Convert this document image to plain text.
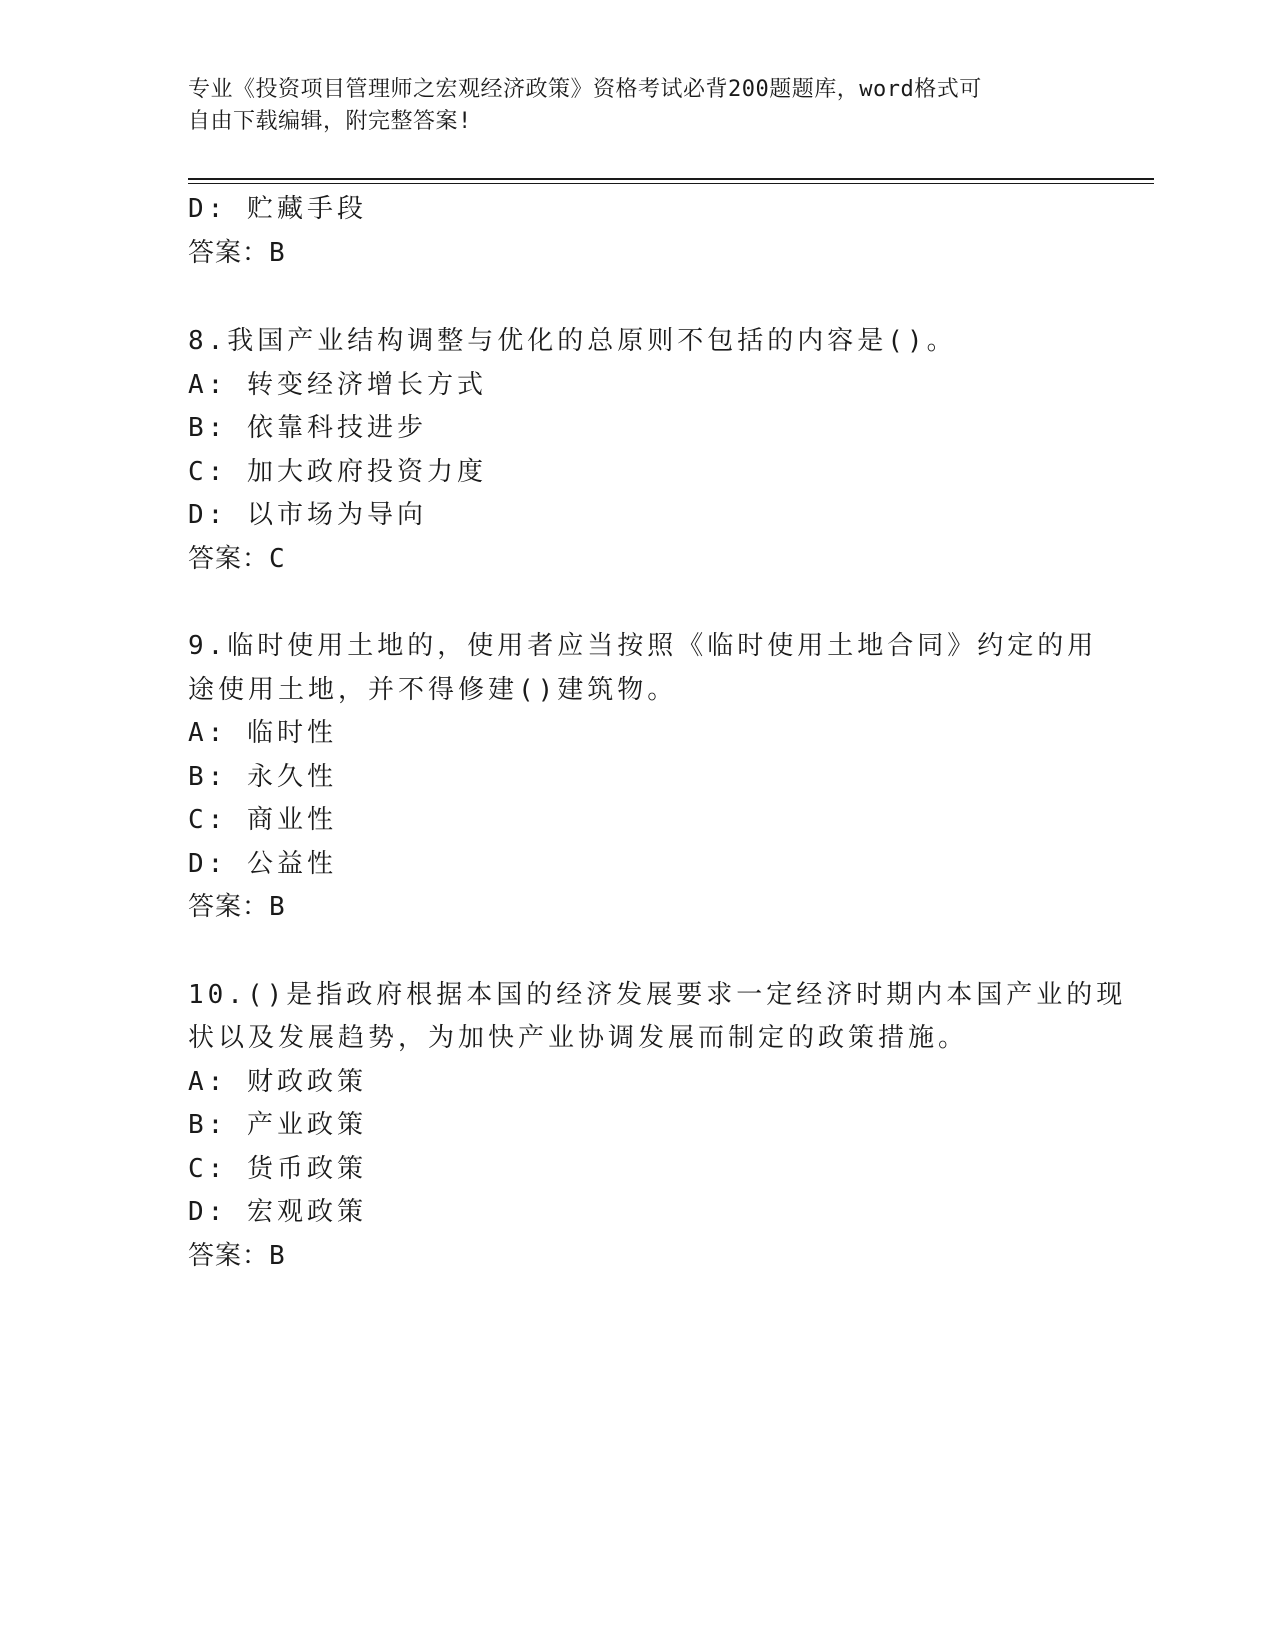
专业《投资项目管理师之宏观经济政策》资格考试必背200题题库，word格式可
自由下载编辑，附完整答案!
D: 贮藏手段
答案：B
8.我国产业结构调整与优化的总原则不包括的内容是()。
A: 转变经济增长方式
B: 依靠科技进步
C: 加大政府投资力度
D: 以市场为导向
答案：C
9.临时使用土地的，使用者应当按照《临时使用土地合同》约定的用
途使用土地，并不得修建()建筑物。
A: 临时性
B: 永久性
C: 商业性
D: 公益性
答案：B
10.()是指政府根据本国的经济发展要求一定经济时期内本国产业的现
状以及发展趋势，为加快产业协调发展而制定的政策措施。
A: 财政政策
B: 产业政策
C: 货币政策
D: 宏观政策
答案：B
